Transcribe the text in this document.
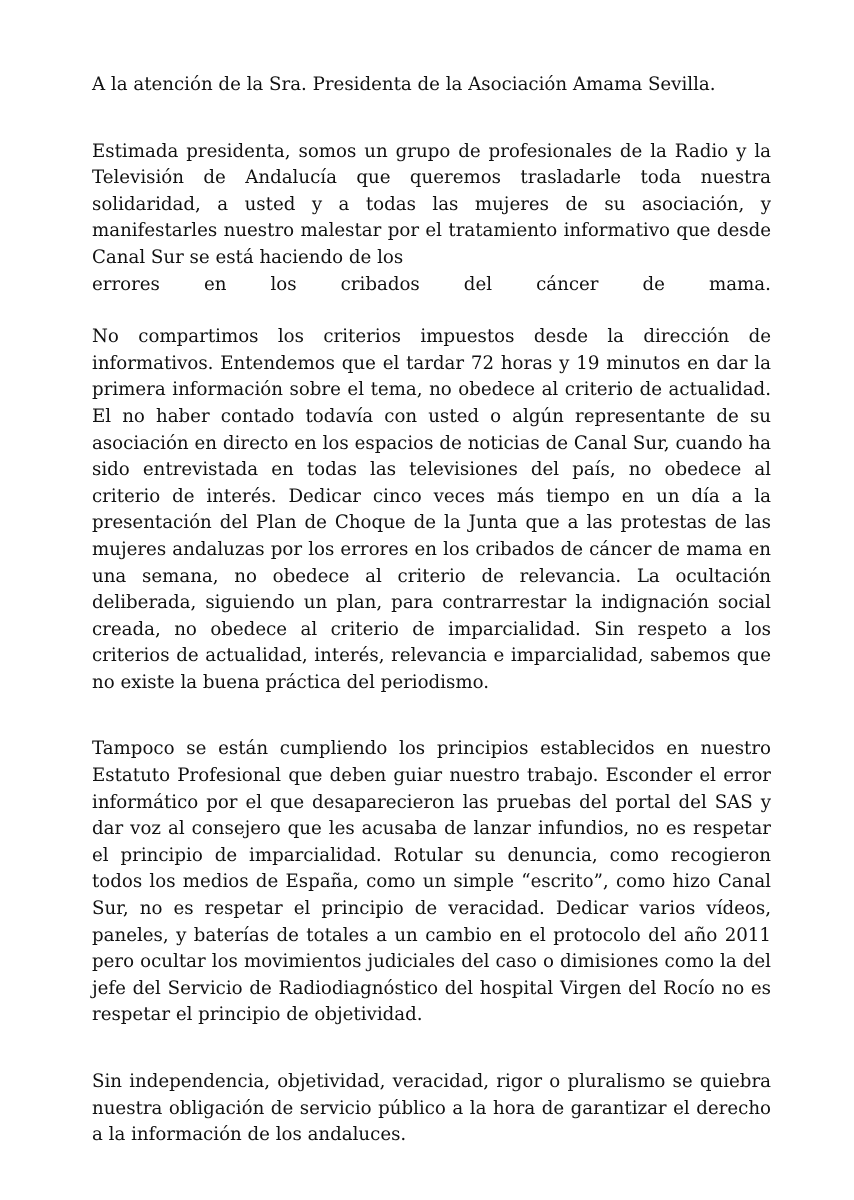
A la atención de la Sra. Presidenta de la Asociación Amama Sevilla.

Estimada presidenta, somos un grupo de profesionales de la Radio y la Televisión de Andalucía que queremos trasladarle toda nuestra solidaridad, a usted y a todas las mujeres de su asociación, y manifestarles nuestro malestar por el tratamiento informativo que desde Canal Sur se está haciendo de los

errores en los cribados del cáncer de mama.

No compartimos los criterios impuestos desde la dirección de informativos. Entendemos que el tardar 72 horas y 19 minutos en dar la primera información sobre el tema, no obedece al criterio de actualidad. El no haber contado todavía con usted o algún representante de su asociación en directo en los espacios de noticias de Canal Sur, cuando ha sido entrevistada en todas las televisiones del país, no obedece al criterio de interés. Dedicar cinco veces más tiempo en un día a la presentación del Plan de Choque de la Junta que a las protestas de las mujeres andaluzas por los errores en los cribados de cáncer de mama en una semana, no obedece al criterio de relevancia. La ocultación deliberada, siguiendo un plan, para contrarrestar la indignación social creada, no obedece al criterio de imparcialidad. Sin respeto a los criterios de actualidad, interés, relevancia e imparcialidad, sabemos que no existe la buena práctica del periodismo.

Tampoco se están cumpliendo los principios establecidos en nuestro Estatuto Profesional que deben guiar nuestro trabajo. Esconder el error informático por el que desaparecieron las pruebas del portal del SAS y dar voz al consejero que les acusaba de lanzar infundios, no es respetar el principio de imparcialidad. Rotular su denuncia, como recogieron todos los medios de España, como un simple “escrito”, como hizo Canal Sur, no es respetar el principio de veracidad. Dedicar varios vídeos, paneles, y baterías de totales a un cambio en el protocolo del año 2011 pero ocultar los movimientos judiciales del caso o dimisiones como la del jefe del Servicio de Radiodiagnóstico del hospital Virgen del Rocío no es respetar el principio de objetividad.

Sin independencia, objetividad, veracidad, rigor o pluralismo se quiebra nuestra obligación de servicio público a la hora de garantizar el derecho a la información de los andaluces.
